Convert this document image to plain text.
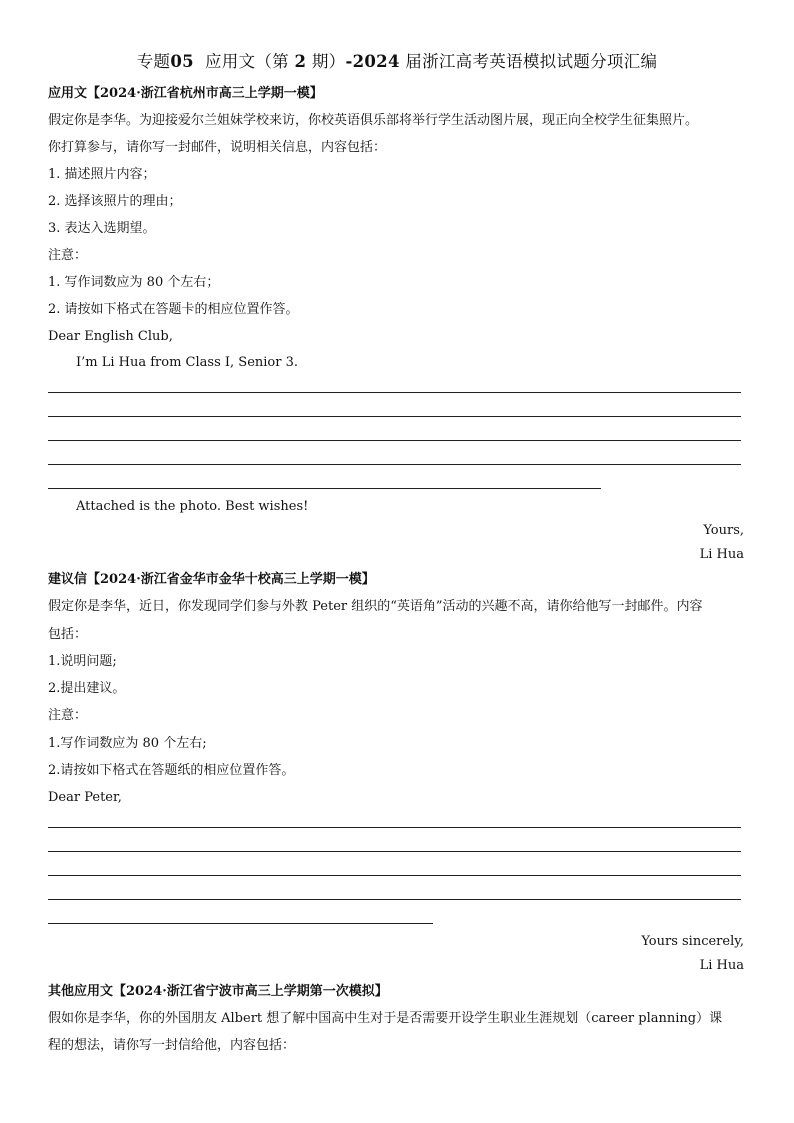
专题05 应用文（第 2 期）-2024 届浙江高考英语模拟试题分项汇编
应用文【2024·浙江省杭州市高三上学期一模】
假定你是李华。为迎接爱尔兰姐妹学校来访，你校英语俱乐部将举行学生活动图片展，现正向全校学生征集照片。
你打算参与，请你写一封邮件，说明相关信息，内容包括：
1. 描述照片内容；
2. 选择该照片的理由；
3. 表达入选期望。
注意：
1. 写作词数应为 80 个左右；
2. 请按如下格式在答题卡的相应位置作答。
Dear English Club,
I’m Li Hua from Class I, Senior 3.
Attached is the photo. Best wishes!
Yours,
Li Hua
建议信【2024·浙江省金华市金华十校高三上学期一模】
假定你是李华，近日，你发现同学们参与外教 Peter 组织的“英语角”活动的兴趣不高，请你给他写一封邮件。内容
包括：
1.说明问题;
2.提出建议。
注意：
1.写作词数应为 80 个左右;
2.请按如下格式在答题纸的相应位置作答。
Dear Peter,
Yours sincerely,
Li Hua
其他应用文【2024·浙江省宁波市高三上学期第一次模拟】
假如你是李华，你的外国朋友 Albert 想了解中国高中生对于是否需要开设学生职业生涯规划（career planning）课
程的想法，请你写一封信给他，内容包括：
